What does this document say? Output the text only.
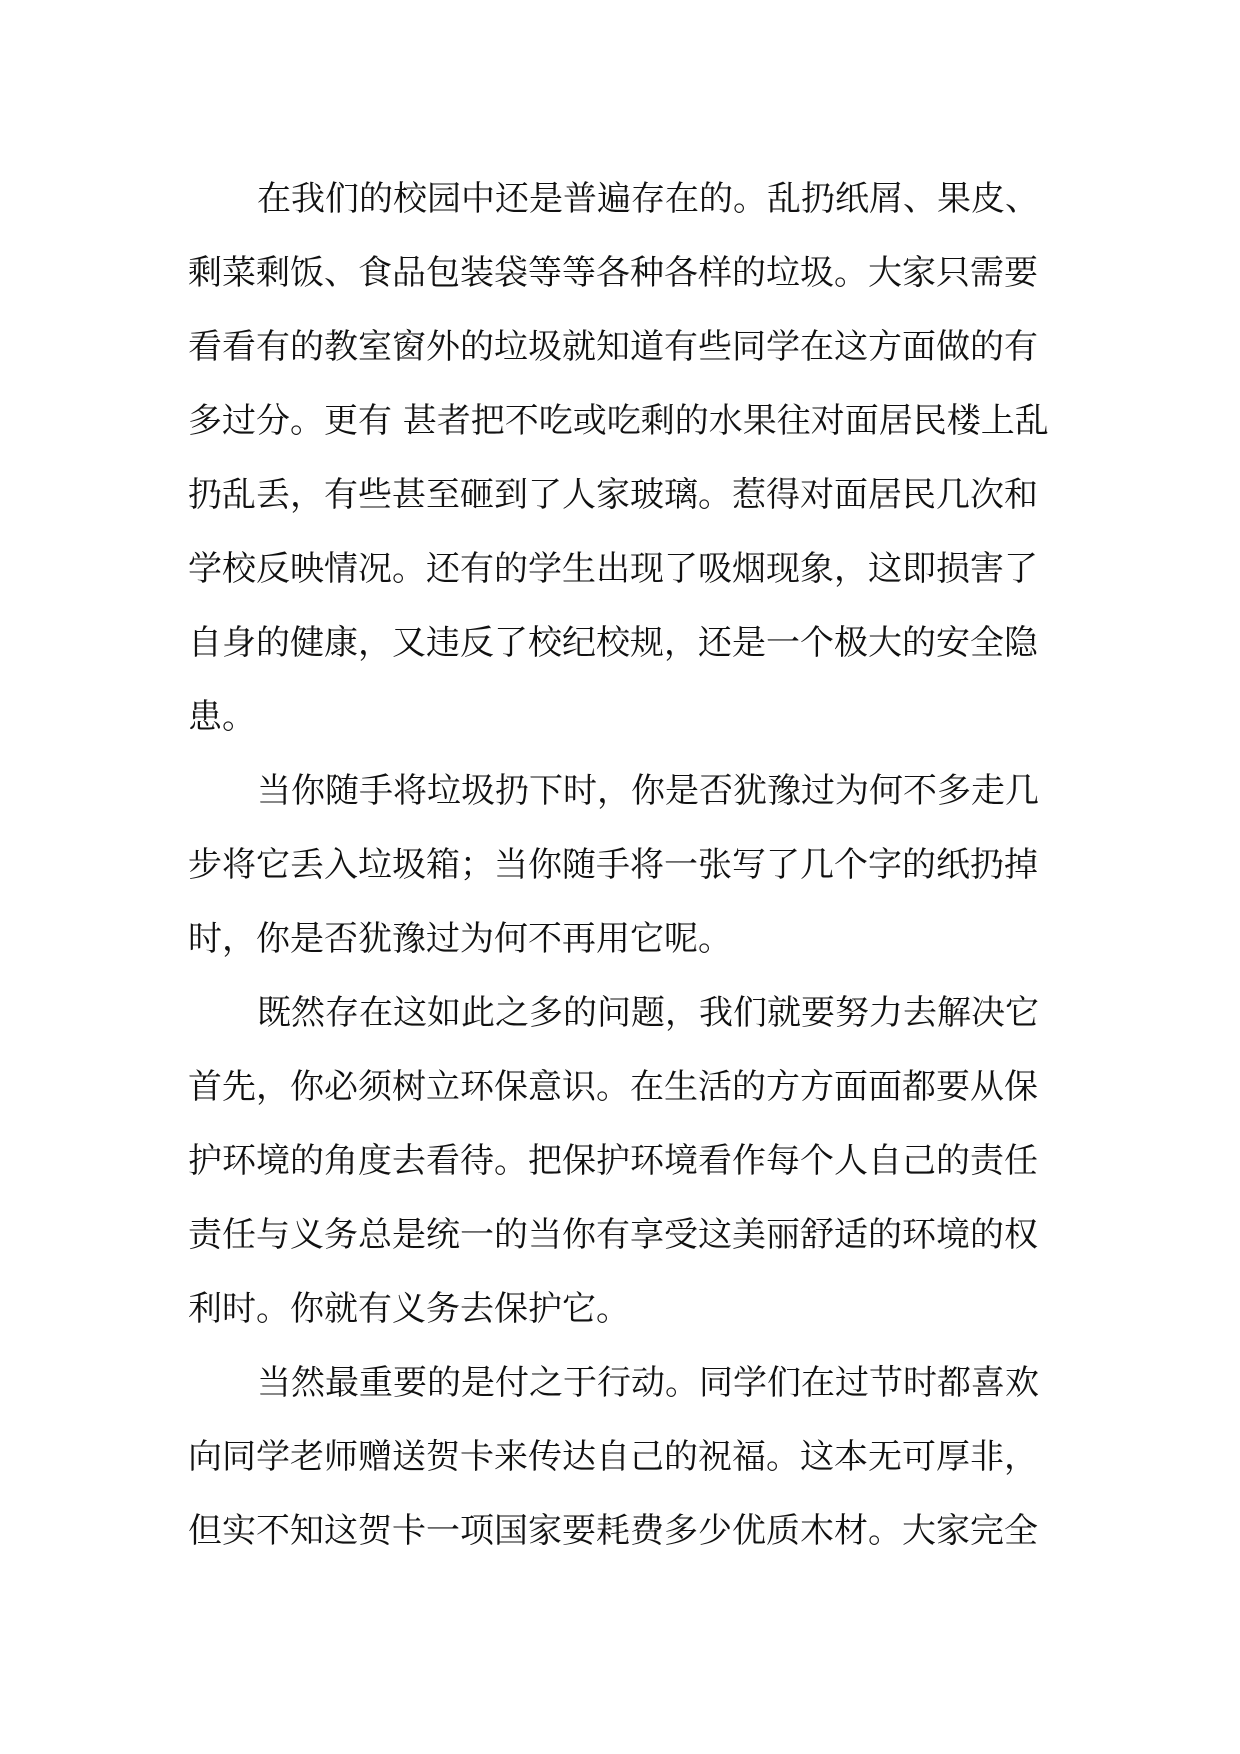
在我们的校园中还是普遍存在的。乱扔纸屑、果皮、
剩菜剩饭、食品包装袋等等各种各样的垃圾。大家只需要
看看有的教室窗外的垃圾就知道有些同学在这方面做的有
多过分。更有 甚者把不吃或吃剩的水果往对面居民楼上乱
扔乱丢，有些甚至砸到了人家玻璃。惹得对面居民几次和
学校反映情况。还有的学生出现了吸烟现象，这即损害了
自身的健康，又违反了校纪校规，还是一个极大的安全隐
患。
当你随手将垃圾扔下时，你是否犹豫过为何不多走几
步将它丢入垃圾箱；当你随手将一张写了几个字的纸扔掉
时，你是否犹豫过为何不再用它呢。
既然存在这如此之多的问题，我们就要努力去解决它
首先，你必须树立环保意识。在生活的方方面面都要从保
护环境的角度去看待。把保护环境看作每个人自己的责任
责任与义务总是统一的当你有享受这美丽舒适的环境的权
利时。你就有义务去保护它。
当然最重要的是付之于行动。同学们在过节时都喜欢
向同学老师赠送贺卡来传达自己的祝福。这本无可厚非，
但实不知这贺卡一项国家要耗费多少优质木材。大家完全
